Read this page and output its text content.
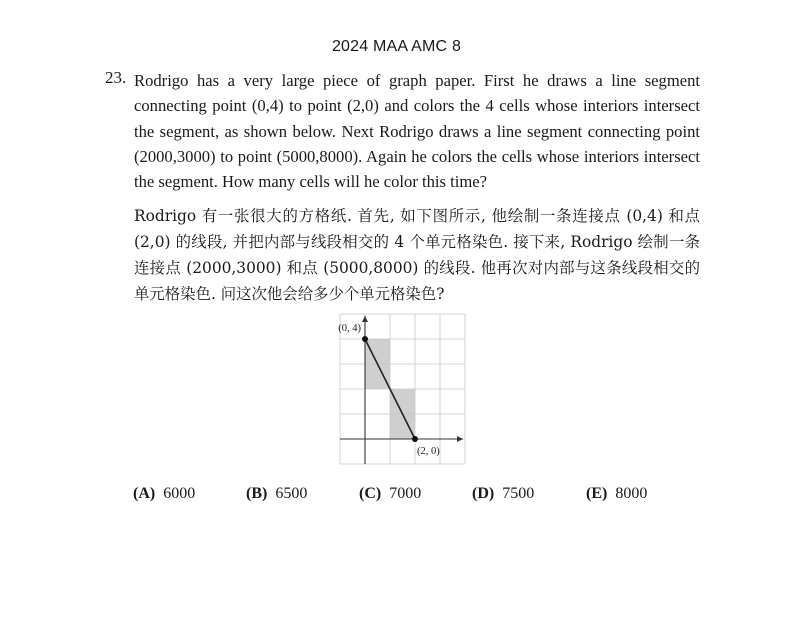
2024 MAA AMC 8
23. Rodrigo has a very large piece of graph paper. First he draws a line segment connecting point (0,4) to point (2,0) and colors the 4 cells whose interiors intersect the segment, as shown below. Next Rodrigo draws a line segment connecting point (2000,3000) to point (5000,8000). Again he colors the cells whose interiors intersect the segment. How many cells will he color this time?
Rodrigo 有一张很大的方格纸. 首先, 如下图所示, 他绘制一条连接点 (0,4) 和点 (2,0) 的线段, 并把内部与线段相交的 4 个单元格染色. 接下来, Rodrigo 绘制一条连接点 (2000,3000) 和点 (5000,8000) 的线段. 他再次对内部与这条线段相交的单元格染色. 问这次他会给多少个单元格染色?
(0, 4)
(2, 0)
(A) 6000	(B) 6500	(C) 7000	(D) 7500	(E) 8000
